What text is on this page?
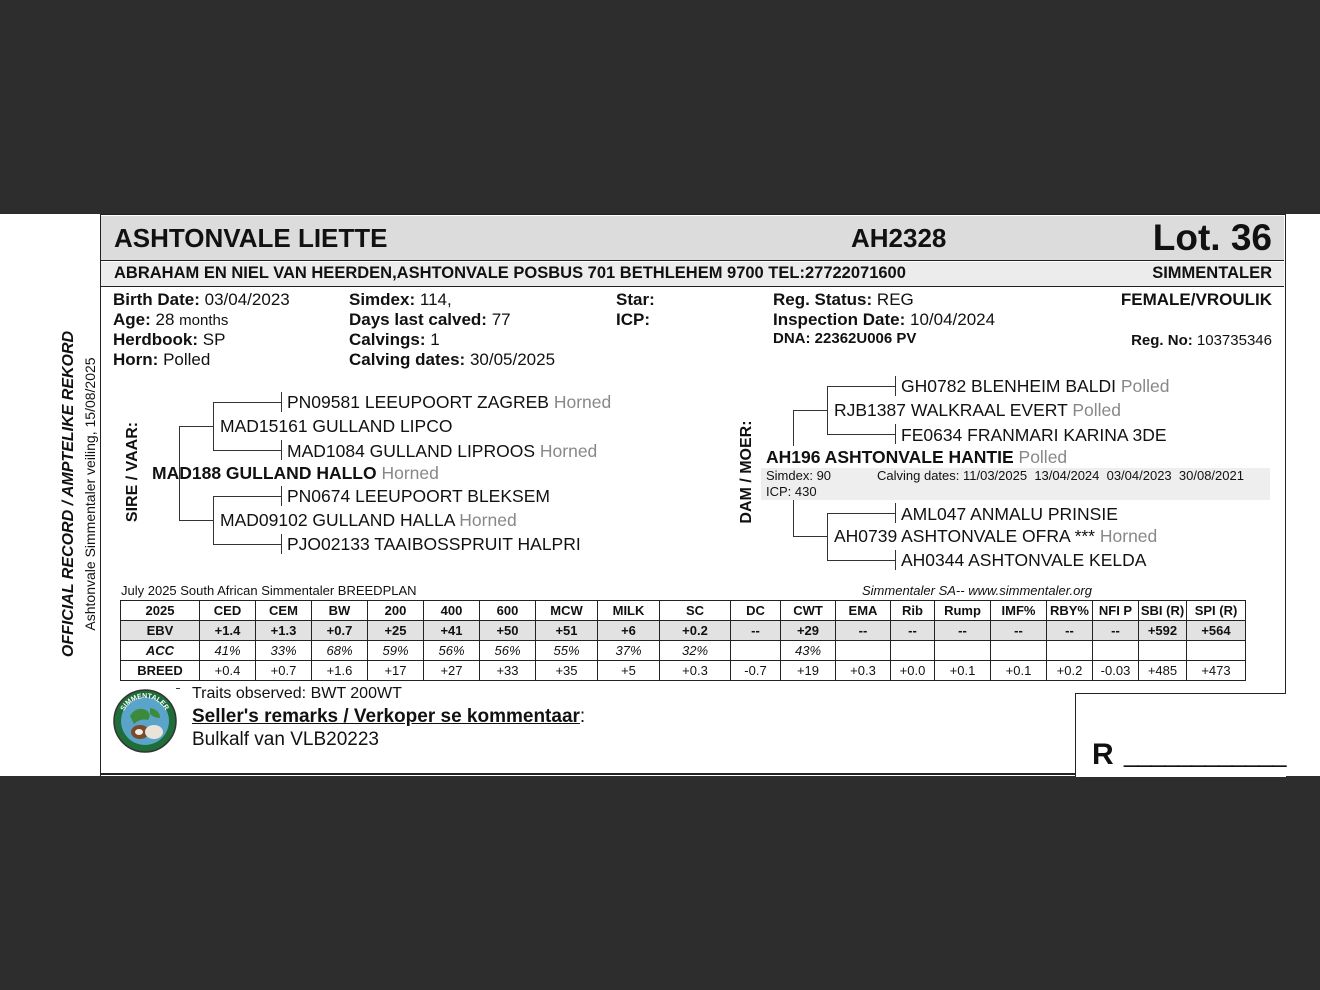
OFFICIAL RECORD / AMPTELIKE REKORD Ashtonvale Simmentaler veiling, 15/08/2025
ASHTONVALE LIETTE	AH2328	Lot. 36
ABRAHAM EN NIEL VAN HEERDEN,ASHTONVALE POSBUS 701 BETHLEHEM 9700 TEL:27722071600	SIMMENTALER
Birth Date: 03/04/2023
Age: 28 months
Herdbook: SP
Horn: Polled
Simdex: 114,
Days last calved: 77
Calvings: 1
Calving dates: 30/05/2025
Star:
ICP:
Reg. Status: REG
Inspection Date: 10/04/2024
DNA: 22362U006 PV
FEMALE/VROULIK
Reg. No: 103735346
SIRE / VAAR:
PN09581 LEEUPOORT ZAGREB Horned
MAD15161 GULLAND LIPCO
MAD1084 GULLAND LIPROOS Horned
MAD188 GULLAND HALLO Horned
PN0674 LEEUPOORT BLEKSEM
MAD09102 GULLAND HALLA Horned
PJO02133 TAAIBOSSPRUIT HALPRI
DAM / MOER:
GH0782 BLENHEIM BALDI Polled
RJB1387 WALKRAAL EVERT Polled
FE0634 FRANMARI KARINA 3DE
AH196 ASHTONVALE HANTIE Polled
Simdex: 90
ICP: 430
Calving dates: 11/03/2025  13/04/2024  03/04/2023  30/08/2021
AML047 ANMALU PRINSIE
AH0739 ASHTONVALE OFRA *** Horned
AH0344 ASHTONVALE KELDA
July 2025 South African Simmentaler BREEDPLAN	Simmentaler SA-- www.simmentaler.org
2025	CED	CEM	BW	200	400	600	MCW	MILK	SC	DC	CWT	EMA	Rib	Rump	IMF%	RBY%	NFI P	SBI (R)	SPI (R)
EBV	+1.4	+1.3	+0.7	+25	+41	+50	+51	+6	+0.2	--	+29	--	--	--	--	--	--	+592	+564
ACC	41%	33%	68%	59%	56%	56%	55%	37%	32%		43%								
BREED	+0.4	+0.7	+1.6	+17	+27	+33	+35	+5	+0.3	-0.7	+19	+0.3	+0.0	+0.1	+0.1	+0.2	-0.03	+485	+473
SIMMENTALER
Traits observed: BWT 200WT
Seller's remarks / Verkoper se kommentaar:
Bulkalf van VLB20223	R ____________
